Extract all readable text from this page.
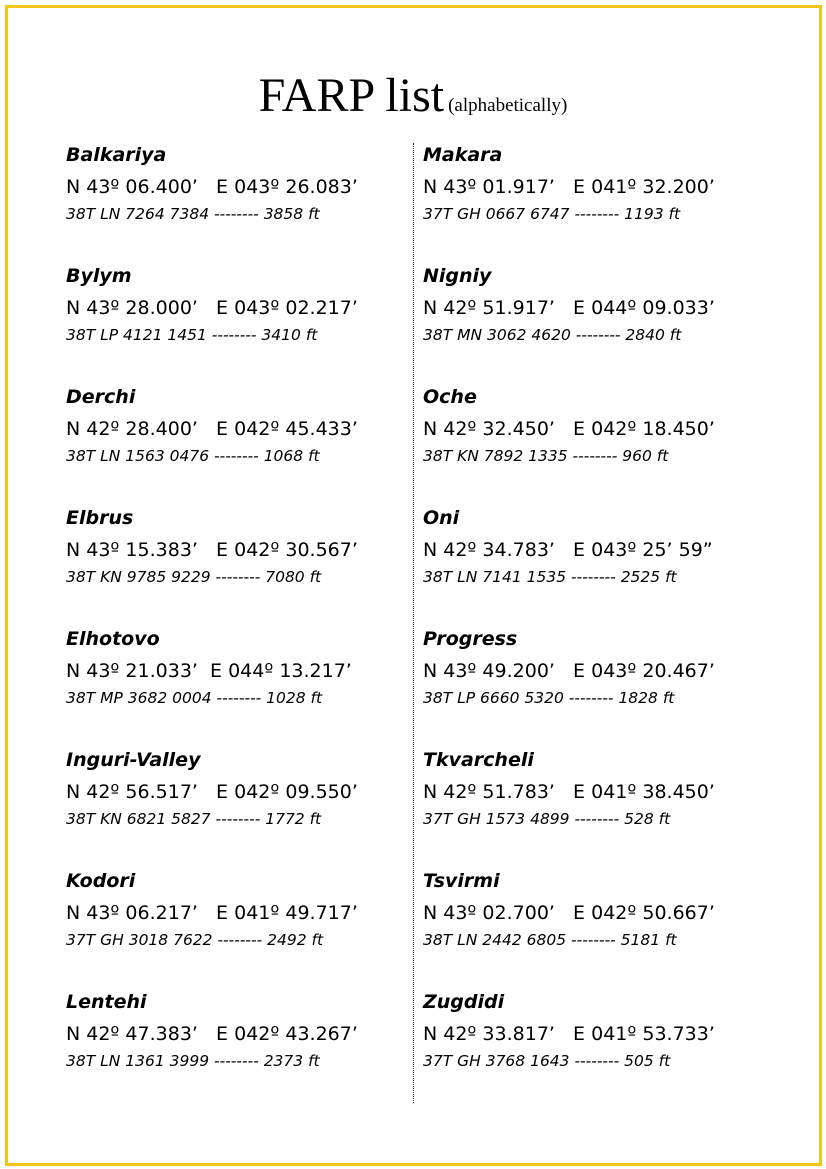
FARP list (alphabetically)
Balkariya
N 43º 06.400’   E 043º 26.083’
38T LN 7264 7384 -------- 3858 ft
Bylym
N 43º 28.000’   E 043º 02.217’
38T LP 4121 1451 -------- 3410 ft
Derchi
N 42º 28.400’   E 042º 45.433’
38T LN 1563 0476 -------- 1068 ft
Elbrus
N 43º 15.383’   E 042º 30.567’
38T KN 9785 9229 -------- 7080 ft
Elhotovo
N 43º 21.033’  E 044º 13.217’
38T MP 3682 0004 -------- 1028 ft
Inguri-Valley
N 42º 56.517’   E 042º 09.550’
38T KN 6821 5827 -------- 1772 ft
Kodori
N 43º 06.217’   E 041º 49.717’
37T GH 3018 7622 -------- 2492 ft
Lentehi
N 42º 47.383’   E 042º 43.267’
38T LN 1361 3999 -------- 2373 ft
Makara
N 43º 01.917’   E 041º 32.200’
37T GH 0667 6747 -------- 1193 ft
Nigniy
N 42º 51.917’   E 044º 09.033’
38T MN 3062 4620 -------- 2840 ft
Oche
N 42º 32.450’   E 042º 18.450’
38T KN 7892 1335 -------- 960 ft
Oni
N 42º 34.783’   E 043º 25’ 59”
38T LN 7141 1535 -------- 2525 ft
Progress
N 43º 49.200’   E 043º 20.467’
38T LP 6660 5320 -------- 1828 ft
Tkvarcheli
N 42º 51.783’   E 041º 38.450’
37T GH 1573 4899 -------- 528 ft
Tsvirmi
N 43º 02.700’   E 042º 50.667’
38T LN 2442 6805 -------- 5181 ft
Zugdidi
N 42º 33.817’   E 041º 53.733’
37T GH 3768 1643 -------- 505 ft
